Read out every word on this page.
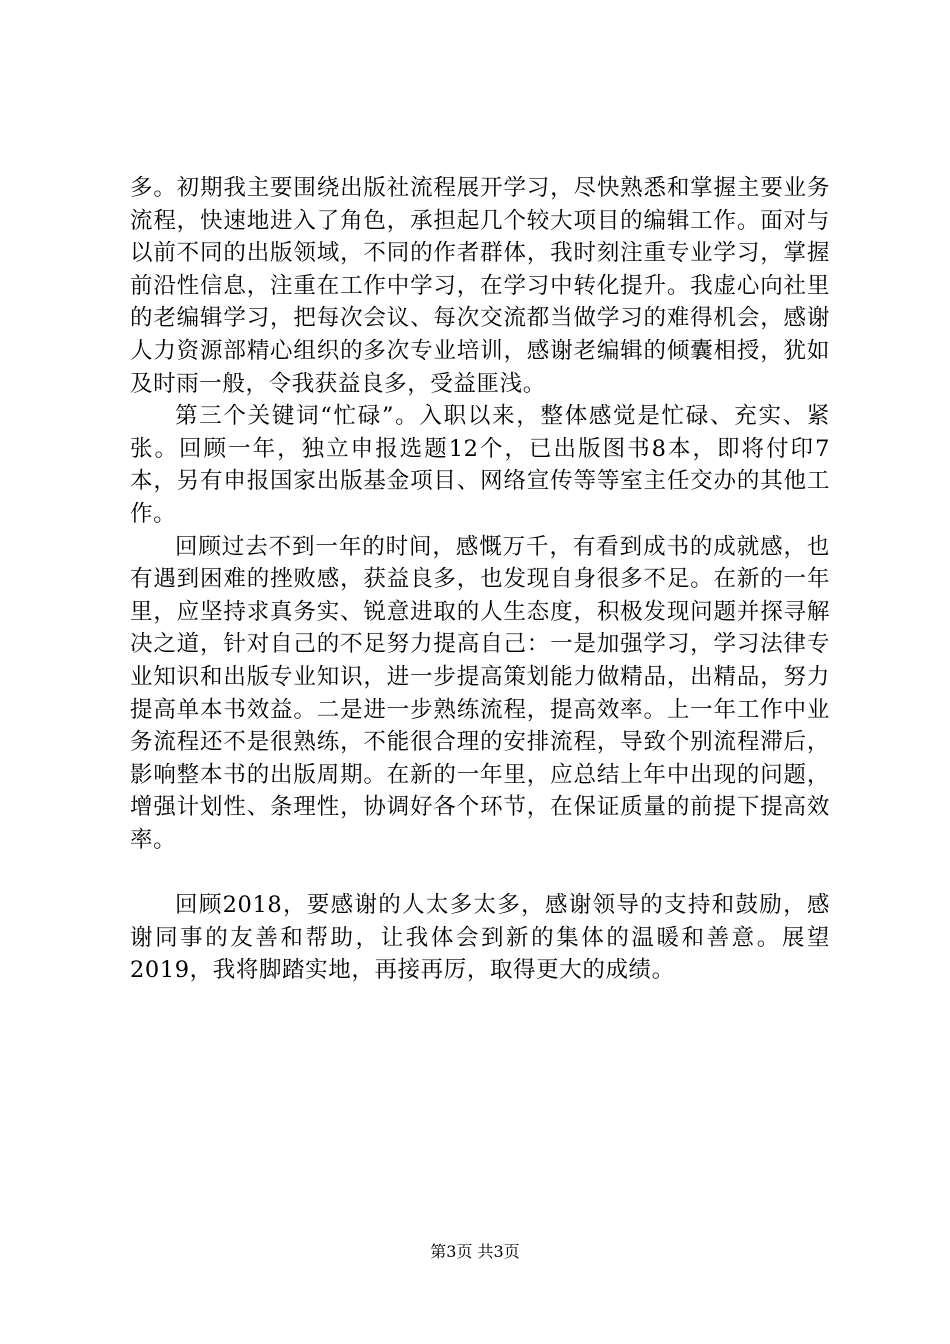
多。初期我主要围绕出版社流程展开学习，尽快熟悉和掌握主要业务流程，快速地进入了角色，承担起几个较大项目的编辑工作。面对与以前不同的出版领域，不同的作者群体，我时刻注重专业学习，掌握前沿性信息，注重在工作中学习，在学习中转化提升。我虚心向社里的老编辑学习，把每次会议、每次交流都当做学习的难得机会，感谢人力资源部精心组织的多次专业培训，感谢老编辑的倾囊相授，犹如及时雨一般，令我获益良多，受益匪浅。

第三个关键词“忙碌”。入职以来，整体感觉是忙碌、充实、紧张。回顾一年，独立申报选题12个，已出版图书8本，即将付印7本，另有申报国家出版基金项目、网络宣传等等室主任交办的其他工作。

回顾过去不到一年的时间，感慨万千，有看到成书的成就感，也有遇到困难的挫败感，获益良多，也发现自身很多不足。在新的一年里，应坚持求真务实、锐意进取的人生态度，积极发现问题并探寻解决之道，针对自己的不足努力提高自己：一是加强学习，学习法律专业知识和出版专业知识，进一步提高策划能力做精品，出精品，努力提高单本书效益。二是进一步熟练流程，提高效率。上一年工作中业务流程还不是很熟练，不能很合理的安排流程，导致个别流程滞后，影响整本书的出版周期。在新的一年里，应总结上年中出现的问题，增强计划性、条理性，协调好各个环节，在保证质量的前提下提高效率。

回顾2018，要感谢的人太多太多，感谢领导的支持和鼓励，感谢同事的友善和帮助，让我体会到新的集体的温暖和善意。展望2019，我将脚踏实地，再接再厉，取得更大的成绩。

第3页 共3页
